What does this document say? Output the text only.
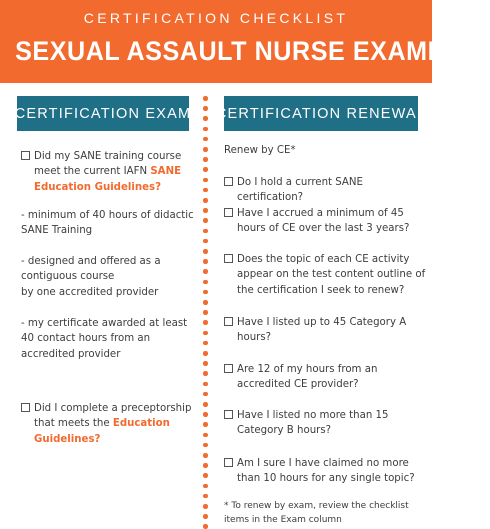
CERTIFICATION CHECKLIST
SEXUAL ASSAULT NURSE EXAMINER
CERTIFICATION EXAM CERTIFICATION RENEWAL
Did my SANE training course meet the current IAFN SANE Education Guidelines?
- minimum of 40 hours of didactic SANE Training
- designed and offered as a contiguous course
by one accredited provider
- my certificate awarded at least 40 contact hours from an accredited provider
Did I complete a preceptorship that meets the Education Guidelines?
Renew by CE*
Do I hold a current SANE certification?
Have I accrued a minimum of 45 hours of CE over the last 3 years?
Does the topic of each CE activity appear on the test content outline of the certification I seek to renew?
Have I listed up to 45 Category A hours?
Are 12 of my hours from an accredited CE provider?
Have I listed no more than 15 Category B hours?
Am I sure I have claimed no more than 10 hours for any single topic?
* To renew by exam, review the checklist items in the Exam column
